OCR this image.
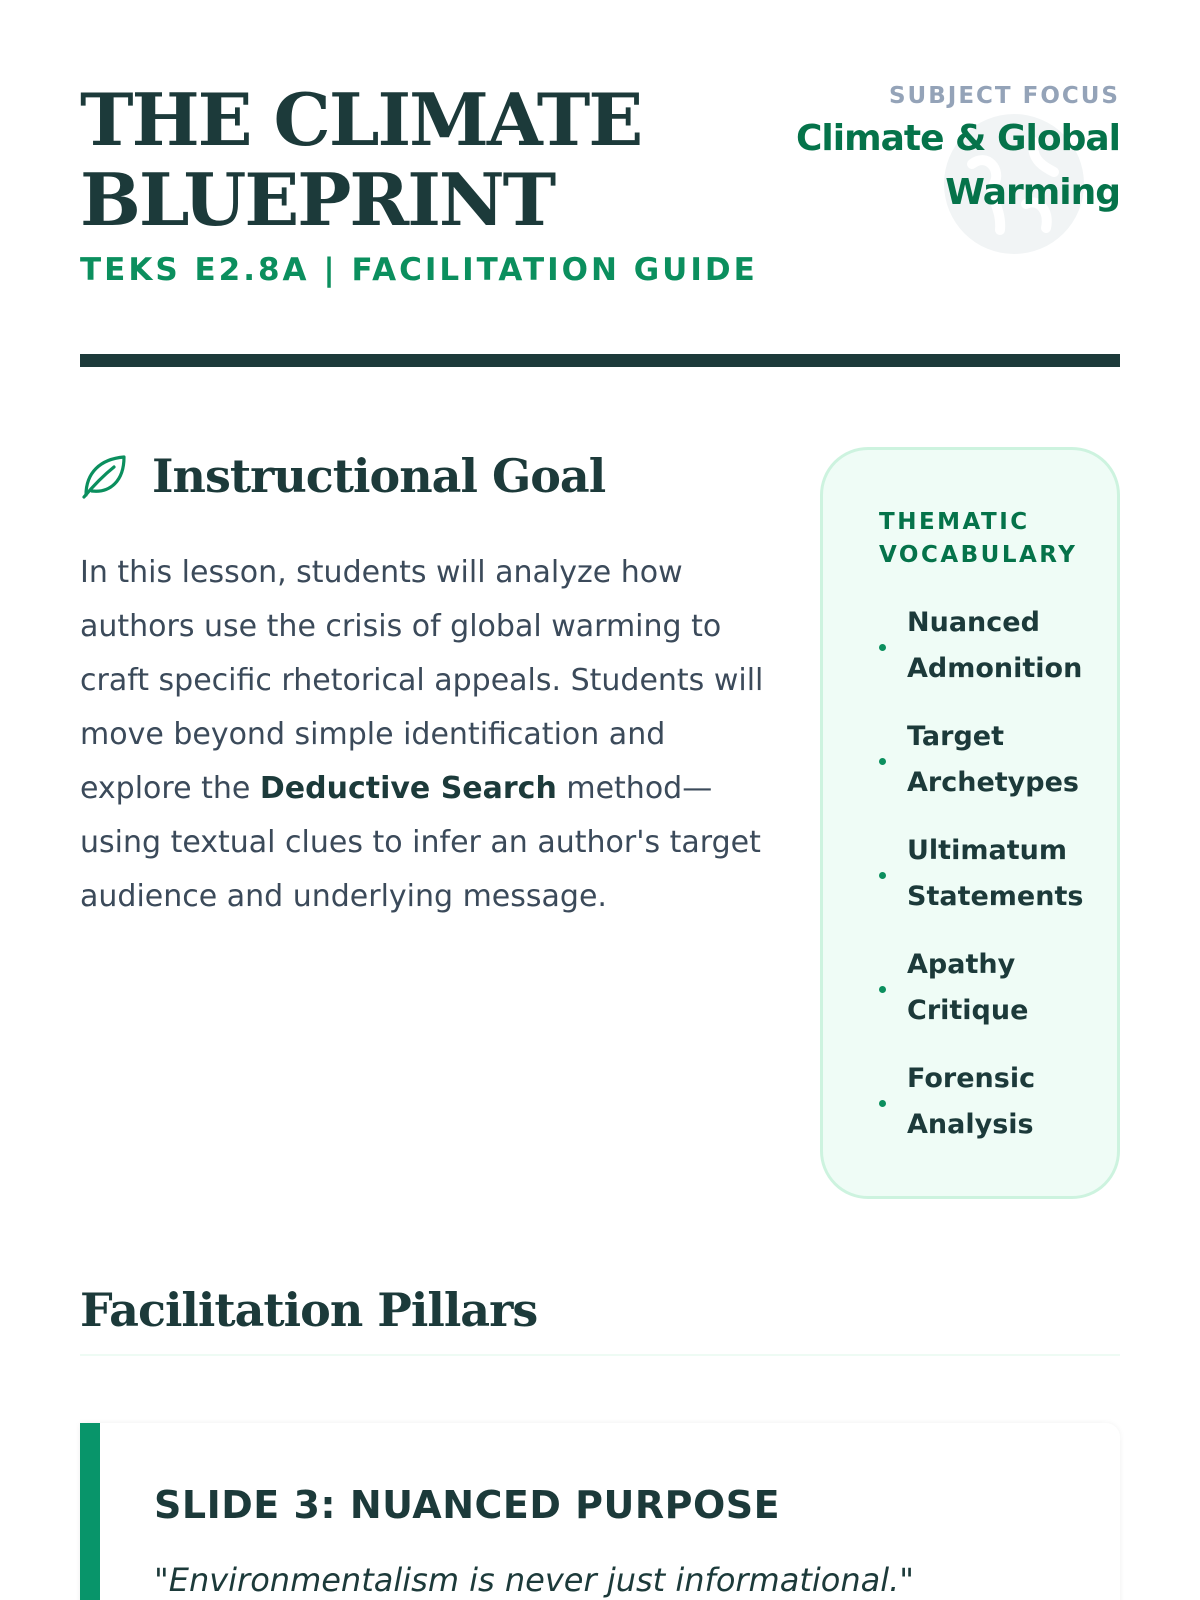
THE CLIMATE BLUEPRINT
TEKS E2.8A | FACILITATION GUIDE
SUBJECT FOCUS
Climate & Global Warming
Instructional Goal

In this lesson, students will analyze how authors use the crisis of global warming to craft specific rhetorical appeals. Students will move beyond simple identification and explore the Deductive Search method—using textual clues to infer an author's target audience and underlying message.

THEMATIC VOCABULARY
Nuanced Admonition
Target Archetypes
Ultimatum Statements
Apathy Critique
Forensic Analysis
Facilitation Pillars
SLIDE 3: NUANCED PURPOSE
"Environmentalism is never just informational."
